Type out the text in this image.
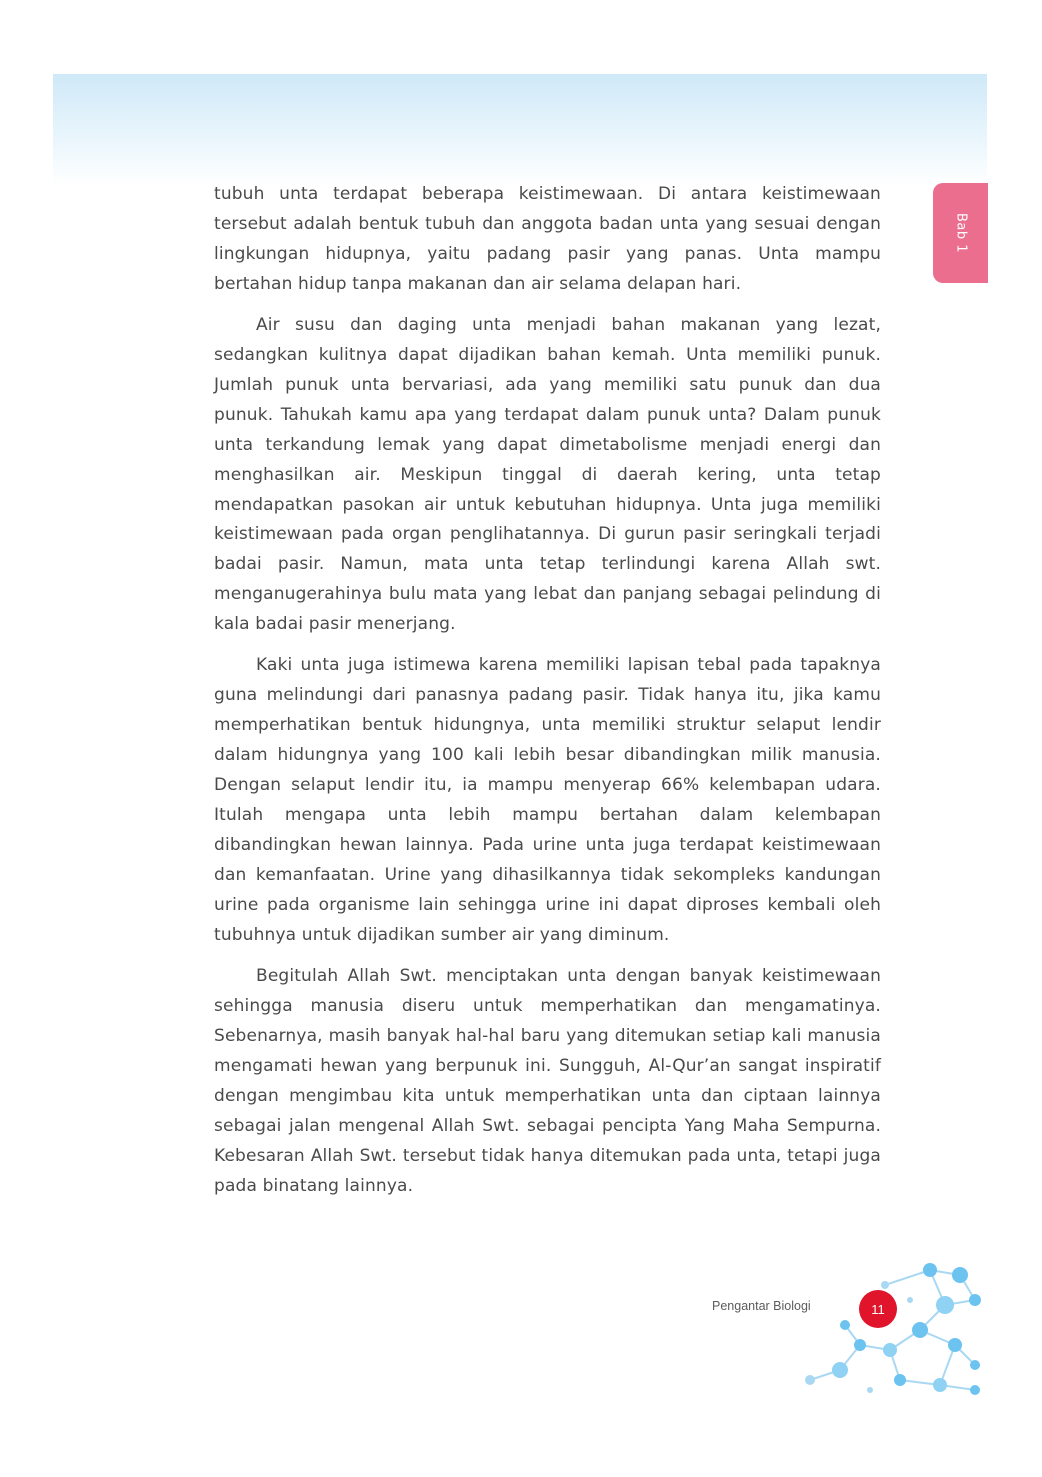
Bab 1

tubuh unta terdapat beberapa keistimewaan. Di antara keistimewaan tersebut adalah bentuk tubuh dan anggota badan unta yang sesuai dengan lingkungan hidupnya, yaitu padang pasir yang panas. Unta mampu bertahan hidup tanpa makanan dan air selama delapan hari.

Air susu dan daging unta menjadi bahan makanan yang lezat, sedangkan kulitnya dapat dijadikan bahan kemah. Unta memiliki punuk. Jumlah punuk unta bervariasi, ada yang memiliki satu punuk dan dua punuk. Tahukah kamu apa yang terdapat dalam punuk unta? Dalam punuk unta terkandung lemak yang dapat dimetabolisme menjadi energi dan menghasilkan air. Meskipun tinggal di daerah kering, unta tetap mendapatkan pasokan air untuk kebutuhan hidupnya. Unta juga memiliki keistimewaan pada organ penglihatannya. Di gurun pasir seringkali terjadi badai pasir. Namun, mata unta tetap terlindungi karena Allah swt. menganugerahinya bulu mata yang lebat dan panjang sebagai pelindung di kala badai pasir menerjang.

Kaki unta juga istimewa karena memiliki lapisan tebal pada tapaknya guna melindungi dari panasnya padang pasir. Tidak hanya itu, jika kamu memperhatikan bentuk hidungnya, unta memiliki struktur selaput lendir dalam hidungnya yang 100 kali lebih besar dibandingkan milik manusia. Dengan selaput lendir itu, ia mampu menyerap 66% kelembapan udara. Itulah mengapa unta lebih mampu bertahan dalam kelembapan dibandingkan hewan lainnya. Pada urine unta juga terdapat keistimewaan dan kemanfaatan. Urine yang dihasilkannya tidak sekompleks kandungan urine pada organisme lain sehingga urine ini dapat diproses kembali oleh tubuhnya untuk dijadikan sumber air yang diminum.

Begitulah Allah Swt. menciptakan unta dengan banyak keistimewaan sehingga manusia diseru untuk memperhatikan dan mengamatinya. Sebenarnya, masih banyak hal-hal baru yang ditemukan setiap kali manusia mengamati hewan yang berpunuk ini. Sungguh, Al-Qur’an sangat inspiratif dengan mengimbau kita untuk memperhatikan unta dan ciptaan lainnya sebagai jalan mengenal Allah Swt. sebagai pencipta Yang Maha Sempurna. Kebesaran Allah Swt. tersebut tidak hanya ditemukan pada unta, tetapi juga pada binatang lainnya.

Pengantar Biologi	11
